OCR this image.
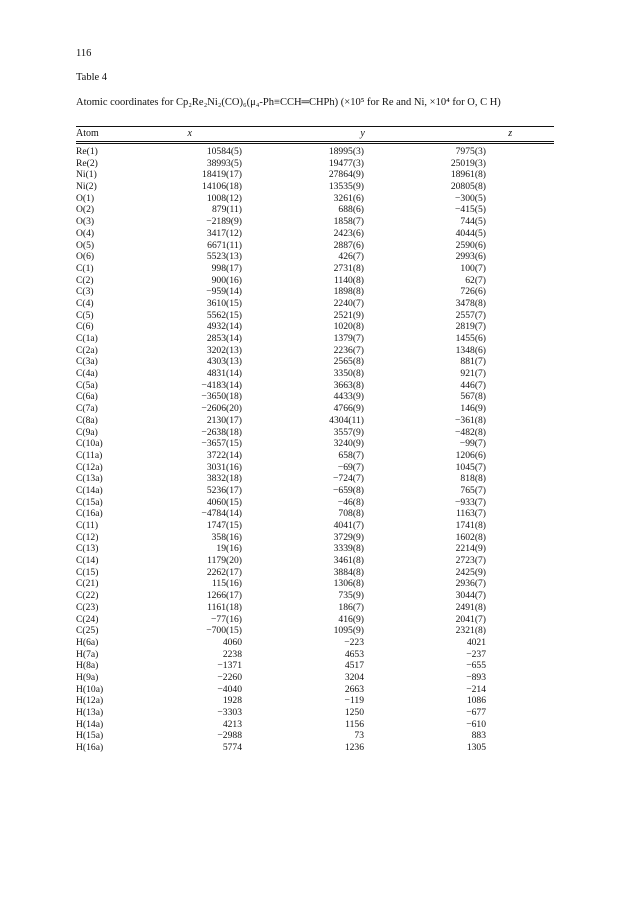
116
Table 4
Atomic coordinates for Cp₂Re₂Ni₂(CO)₆(μ₄-Ph≡CCH═CHPh) (×10⁵ for Re and Ni, ×10⁴ for O, C H)
Atom	x	y	z
Re(1)	10584(5)	18995(3)	7975(3)
Re(2)	38993(5)	19477(3)	25019(3)
Ni(1)	18419(17)	27864(9)	18961(8)
Ni(2)	14106(18)	13535(9)	20805(8)
O(1)	1008(12)	3261(6)	−300(5)
O(2)	879(11)	688(6)	−415(5)
O(3)	−2189(9)	1858(7)	744(5)
O(4)	3417(12)	2423(6)	4044(5)
O(5)	6671(11)	2887(6)	2590(6)
O(6)	5523(13)	426(7)	2993(6)
C(1)	998(17)	2731(8)	100(7)
C(2)	900(16)	1140(8)	62(7)
C(3)	−959(14)	1898(8)	726(6)
C(4)	3610(15)	2240(7)	3478(8)
C(5)	5562(15)	2521(9)	2557(7)
C(6)	4932(14)	1020(8)	2819(7)
C(1a)	2853(14)	1379(7)	1455(6)
C(2a)	3202(13)	2236(7)	1348(6)
C(3a)	4303(13)	2565(8)	881(7)
C(4a)	4831(14)	3350(8)	921(7)
C(5a)	−4183(14)	3663(8)	446(7)
C(6a)	−3650(18)	4433(9)	567(8)
C(7a)	−2606(20)	4766(9)	146(9)
C(8a)	2130(17)	4304(11)	−361(8)
C(9a)	−2638(18)	3557(9)	−482(8)
C(10a)	−3657(15)	3240(9)	−99(7)
C(11a)	3722(14)	658(7)	1206(6)
C(12a)	3031(16)	−69(7)	1045(7)
C(13a)	3832(18)	−724(7)	818(8)
C(14a)	5236(17)	−659(8)	765(7)
C(15a)	4060(15)	−46(8)	−933(7)
C(16a)	−4784(14)	708(8)	1163(7)
C(11)	1747(15)	4041(7)	1741(8)
C(12)	358(16)	3729(9)	1602(8)
C(13)	19(16)	3339(8)	2214(9)
C(14)	1179(20)	3461(8)	2723(7)
C(15)	2262(17)	3884(8)	2425(9)
C(21)	115(16)	1306(8)	2936(7)
C(22)	1266(17)	735(9)	3044(7)
C(23)	1161(18)	186(7)	2491(8)
C(24)	−77(16)	416(9)	2041(7)
C(25)	−700(15)	1095(9)	2321(8)
H(6a)	4060	−223	4021
H(7a)	2238	4653	−237
H(8a)	−1371	4517	−655
H(9a)	−2260	3204	−893
H(10a)	−4040	2663	−214
H(12a)	1928	−119	1086
H(13a)	−3303	1250	−677
H(14a)	4213	1156	−610
H(15a)	−2988	73	883
H(16a)	5774	1236	1305
